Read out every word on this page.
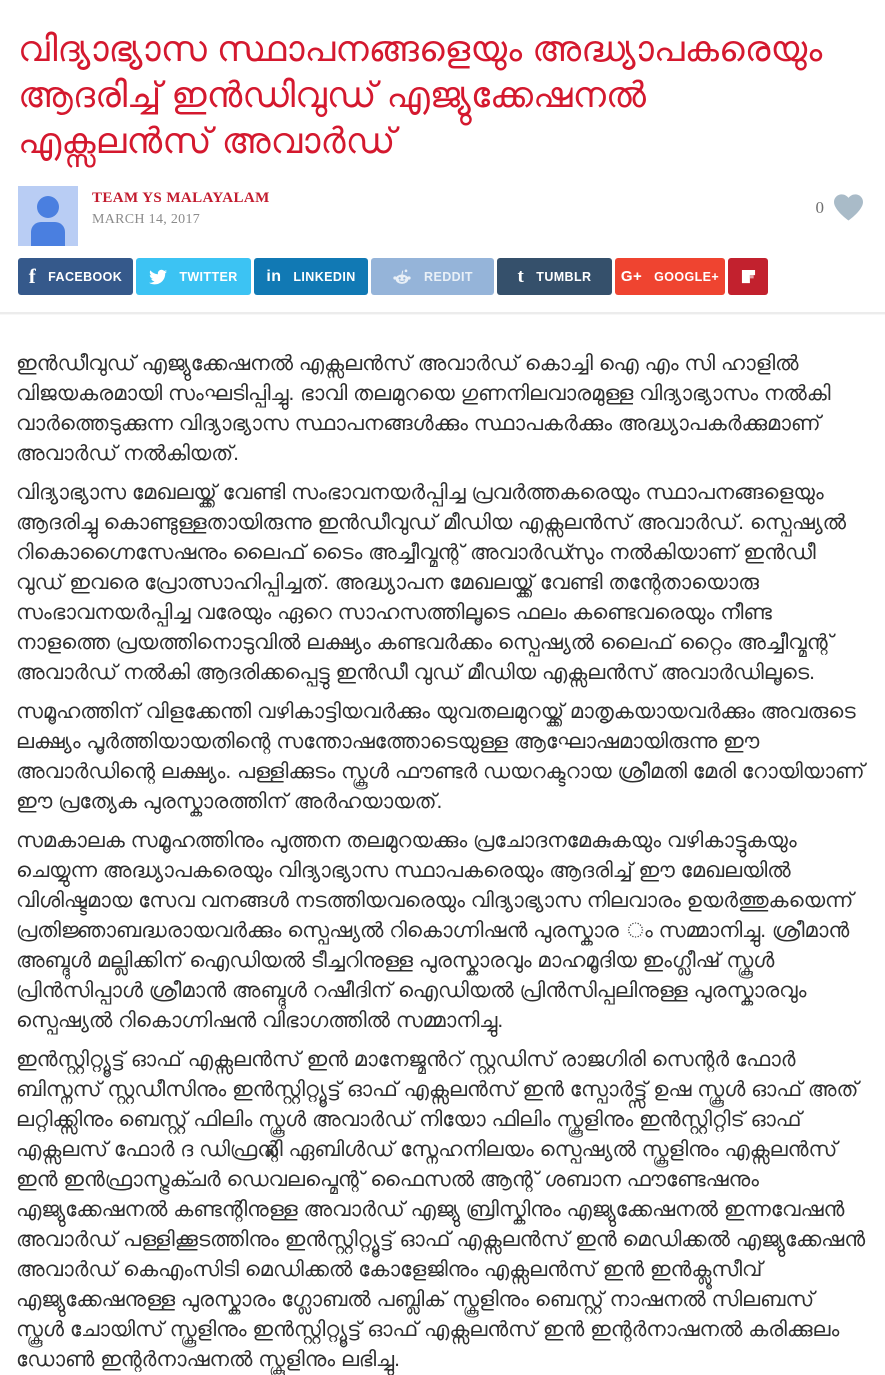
വിദ്യാഭ്യാസ സ്ഥാപനങ്ങളെയും അദ്ധ്യാപകരെയും ആദരിച്ച് ഇൻഡിവുഡ് എജ്യുക്കേഷനൽ എക്സലൻസ് അവാർഡ്
TEAM YS MALAYALAM
MARCH 14, 2017
0
f FACEBOOK	TWITTER in LINKEDIN	REDDIT t TUMBLR G+ GOOGLE+

ഇൻഡീവുഡ് എജ്യുക്കേഷനൽ എക്സലൻസ് അവാർഡ് കൊച്ചി ഐ എം സി ഹാളിൽ വിജയകരമായി സംഘടിപ്പിച്ചു. ഭാവി തലമുറയെ ഗുണനിലവാരമുള്ള വിദ്യാഭ്യാസം നൽകി വാർത്തെടുക്കുന്ന വിദ്യാഭ്യാസ സ്ഥാപനങ്ങൾക്കും സ്ഥാപകർക്കും അദ്ധ്യാപകർക്കുമാണ് അവാർഡ് നൽകിയത്.

വിദ്യാഭ്യാസ മേഖലയ്ക്ക് വേണ്ടി സംഭാവനയർപ്പിച്ച പ്രവർത്തകരെയും സ്ഥാപനങ്ങളെയും ആദരിച്ചു കൊണ്ടുള്ളതായിരുന്നു ഇൻഡീവുഡ് മീഡിയ എക്സലൻസ് അവാർഡ്. സ്പെഷ്യൽ റികൊഗ്നൈസേഷനും ലൈഫ് ടൈം അച്ചീവ്മന്റ് അവാർഡ്സും നൽകിയാണ് ഇൻഡീ വുഡ് ഇവരെ പ്രോത്സാഹിപ്പിച്ചത്. അദ്ധ്യാപന മേഖലയ്ക്ക് വേണ്ടി തന്റേതായൊരു സംഭാവനയർപ്പിച്ച വരേയും ഏറെ സാഹസത്തിലൂടെ ഫലം കണ്ടെവരെയും നീണ്ട നാളത്തെ പ്രയത്തിനൊടുവിൽ ലക്ഷ്യം കണ്ടവർക്കം സ്പെഷ്യൽ ലൈഫ് റ്റൈം അച്ചീവ്മന്റ് അവാർഡ് നൽകി ആദരിക്കപ്പെട്ടു ഇൻഡീ വുഡ് മീഡിയ എക്സലൻസ് അവാർഡിലൂടെ.

സമൂഹത്തിന് വിളക്കേന്തി വഴികാട്ടിയവർക്കും യുവതലമുറയ്ക്ക് മാതൃകയായവർക്കും അവരുടെ ലക്ഷ്യം പൂർത്തിയായതിന്റെ സന്തോഷത്തോടെയുള്ള ആഘോഷമായിരുന്നു ഈ അവാർഡിന്റെ ലക്ഷ്യം. പള്ളിക്കുടം സ്കൂൾ ഫൗണ്ടർ ഡയറക്ടറായ ശ്രീമതി മേരി റോയിയാണ് ഈ പ്രത്യേക പുരസ്കാരത്തിന് അർഹയായത്.

സമകാലക സമൂഹത്തിനും പുത്തന തലമുറയക്കും പ്രചോദനമേകുകയും വഴികാട്ടുകയും ചെയ്യുന്ന അദ്ധ്യാപകരെയും വിദ്യാഭ്യാസ സ്ഥാപകരെയും ആദരിച്ച് ഈ മേഖലയിൽ വിശിഷ്ടമായ സേവ വനങ്ങൾ നടത്തിയവരെയും വിദ്യാഭ്യാസ നിലവാരം ഉയർത്തുകയെന്ന് പ്രതിജ്ഞാബദ്ധരായവർക്കും സ്പെഷ്യൽ റികൊഗ്നിഷൻ പുരസ്കാര ം സമ്മാനിച്ചു. ശ്രീമാൻ അബ്ദുൾ മല്ലിക്കിന് ഐഡിയൽ ടീച്ചറിനുള്ള പുരസ്കാരവും മാഹമൂദിയ ഇംഗ്ലീഷ് സ്കൂൾ പ്രിൻസിപ്പാൾ ശ്രീമാൻ അബ്ദുൾ റഷീദിന് ഐഡിയൽ പ്രിൻസിപ്പലിനുള്ള പുരസ്കാരവും സ്പെഷ്യൽ റികൊഗ്നിഷൻ വിഭാഗത്തിൽ സമ്മാനിച്ചു.

ഇൻസ്റ്റിറ്റ്യൂട്ട് ഓഫ് എക്സലൻസ് ഇൻ മാനേജ്മൻറ് സ്റ്റഡിസ് രാജഗിരി സെന്റർ ഫോർ ബിസ്നസ് സ്റ്റഡീസിനും ഇൻസ്റ്റിറ്റ്യൂട്ട് ഓഫ് എക്സലൻസ് ഇൻ സ്പോർട്ട്സ് ഉഷ സ്കൂൾ ഓഫ് അത് ലറ്റിക്ക്സിനും ബെസ്റ്റ് ഫിലിം സ്കൂൾ അവാർഡ് നിയോ ഫിലിം സ്കൂളിനും ഇൻസ്റ്റിറ്റിട് ഓഫ് എക്സലസ് ഫോർ ദ ഡിഫ്രന്റ്ലി ഏബിൾഡ് സ്നേഹനിലയം സ്പെഷ്യൽ സ്കൂളിനും എക്സലൻസ് ഇൻ ഇൻഫ്രാസ്ട്രക്ചർ ഡെവലപ്മെന്റ് ഫൈസൽ ആന്റ് ശബാന ഫൗണ്ടേഷനും എജ്യുക്കേഷനൽ കണ്ടന്റിനുള്ള അവാർഡ് എജ്യു ബ്രിസ്കിനും എജ്യുക്കേഷനൽ ഇന്നവേഷൻ അവാർഡ് പള്ളിക്കൂടത്തിനും ഇൻസ്റ്റിറ്റ്യൂട്ട് ഓഫ് എക്സലൻസ് ഇൻ മെഡിക്കൽ എജ്യുക്കേഷൻ അവാർഡ് കെഎംസിടി മെഡിക്കൽ കോളേജിനും എക്സലൻസ് ഇൻ ഇൻക്ലൂസീവ് എജ്യുക്കേഷനുള്ള പുരസ്കാരം ഗ്ലോബൽ പബ്ലിക് സ്കൂളിനും ബെസ്റ്റ് നാഷനൽ സിലബസ് സ്കൂൾ ചോയിസ് സ്കൂളിനും ഇൻസ്റ്റിറ്റ്യൂട്ട് ഓഫ് എക്സലൻസ് ഇൻ ഇന്റർനാഷനൽ കരിക്കുലം ഡോൺ ഇന്റർനാഷനൽ സ്കൂളിനും ലഭിച്ചു.
